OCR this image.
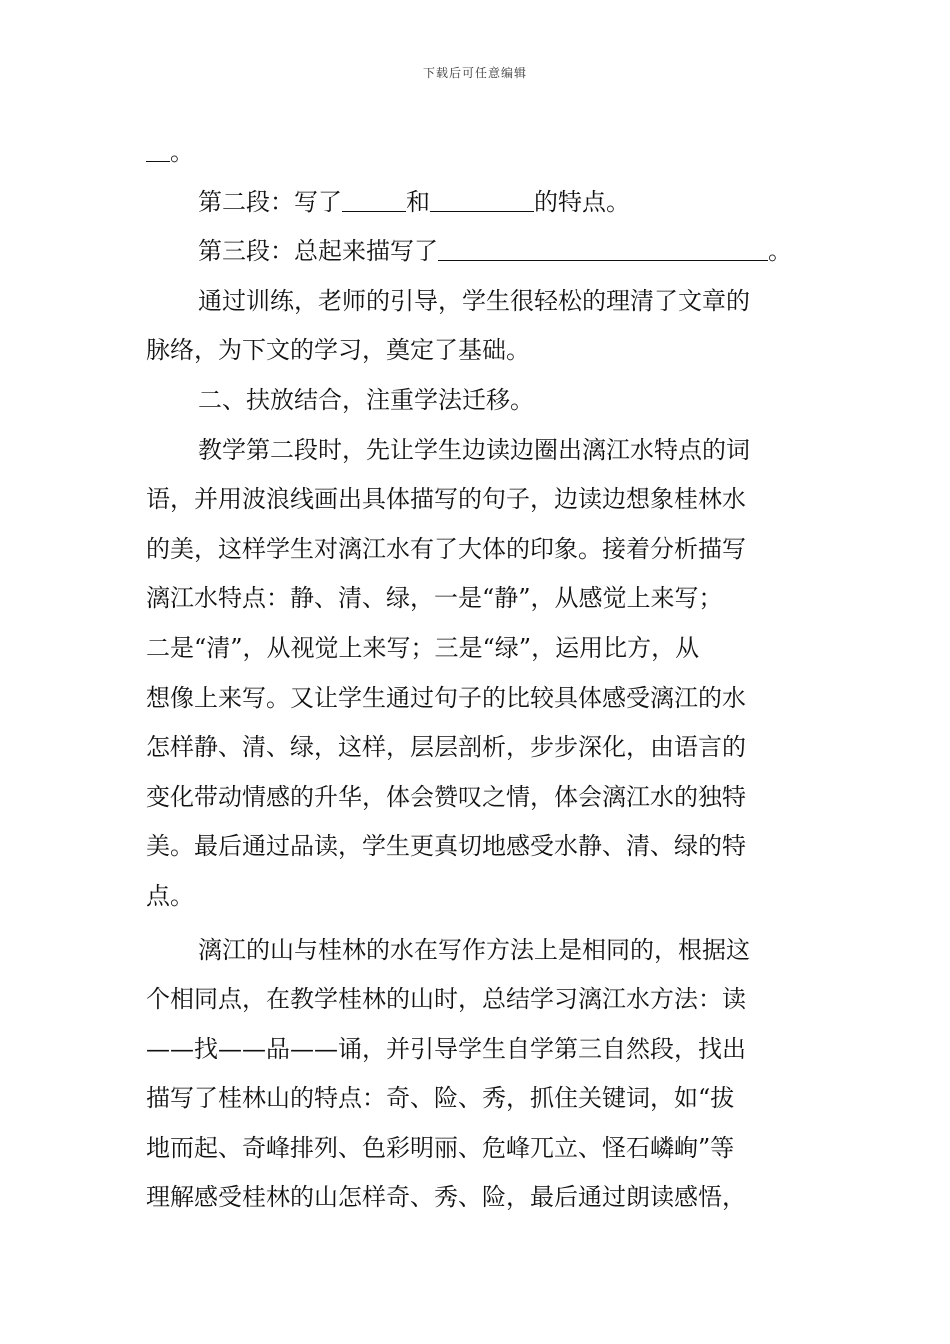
下载后可任意编辑
。
第二段：写了	和	的特点。
第三段：总起来描写了	。
通过训练，老师的引导，学生很轻松的理清了文章的
脉络，为下文的学习，奠定了基础。
二、扶放结合，注重学法迁移。
教学第二段时，先让学生边读边圈出漓江水特点的词
语，并用波浪线画出具体描写的句子，边读边想象桂林水
的美，这样学生对漓江水有了大体的印象。接着分析描写
漓江水特点：静、清、绿，一是“静”，从感觉上来写；
二是“清”，从视觉上来写；三是“绿”，运用比方，从
想像上来写。又让学生通过句子的比较具体感受漓江的水
怎样静、清、绿，这样，层层剖析，步步深化，由语言的
变化带动情感的升华，体会赞叹之情，体会漓江水的独特
美。最后通过品读，学生更真切地感受水静、清、绿的特
点。
漓江的山与桂林的水在写作方法上是相同的，根据这
个相同点，在教学桂林的山时，总结学习漓江水方法：读
——找——品——诵，并引导学生自学第三自然段，找出
描写了桂林山的特点：奇、险、秀，抓住关键词，如“拔
地而起、奇峰排列、色彩明丽、危峰兀立、怪石嶙峋”等
理解感受桂林的山怎样奇、秀、险，最后通过朗读感悟，
